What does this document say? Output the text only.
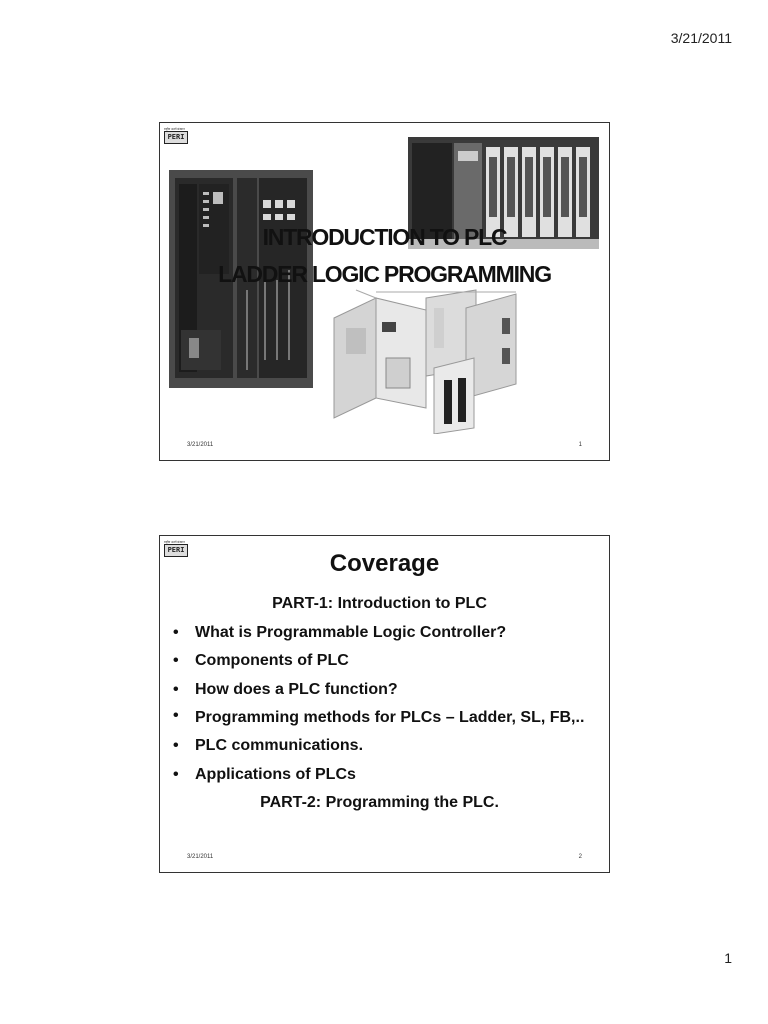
3/21/2011
राष्ट्रीय ऊर्जा संस्थान
PERI
INTRODUCTION TO PLC
LADDER LOGIC PROGRAMMING
3/21/2011	1
राष्ट्रीय ऊर्जा संस्थान
PERI	Coverage
PART-1: Introduction to PLC
• What is Programmable Logic Controller?
• Components of PLC
• How does a PLC function?
• Programming methods for PLCs – Ladder, SL, FB,..
• PLC communications.
• Applications of PLCs
PART-2: Programming the PLC.
3/21/2011	2
1
